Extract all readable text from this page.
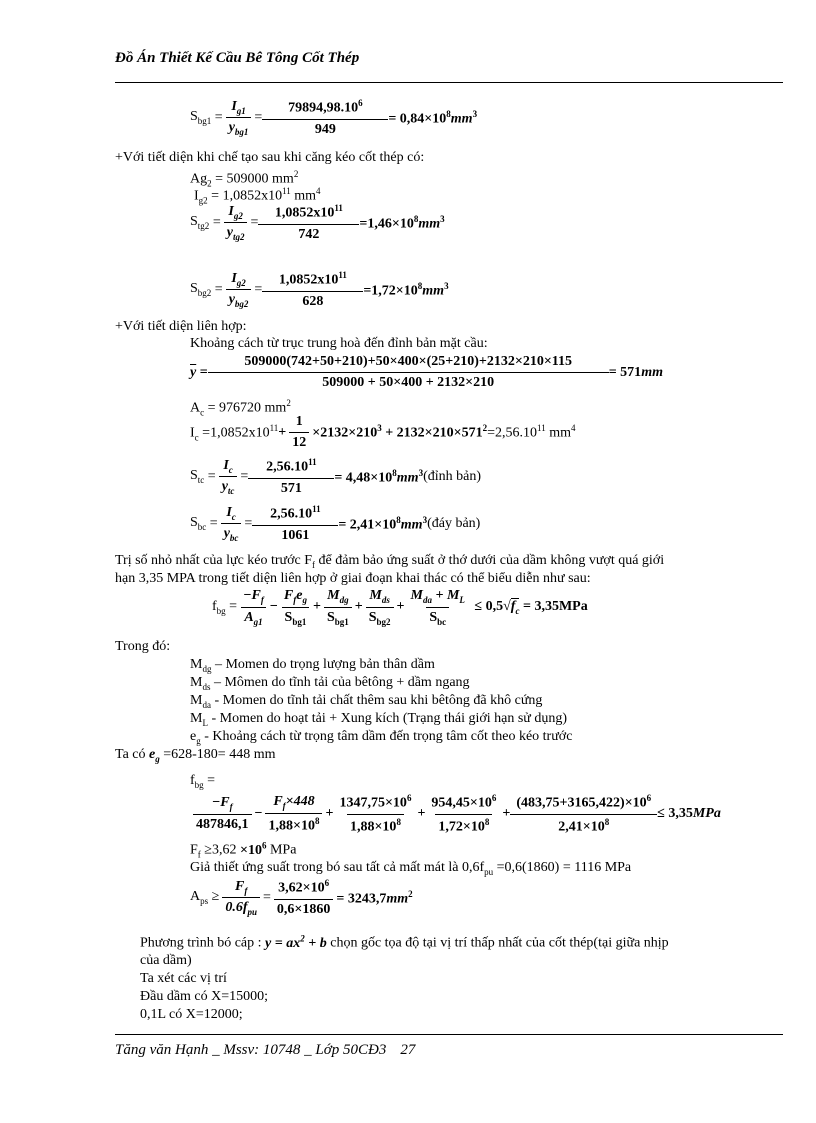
Đồ Án Thiết Kế Cầu Bê Tông Cốt Thép
$S_{bg1} = \frac{I_{g1}}{y_{bg1}} = \frac{79894,98.10^6}{949} = 0,84\times 10^8mm^3$
+Với tiết diện khi chế tạo sau khi căng kéo cốt thép có:
$Ag_2 = 509000$ $mm^2$
$I_{g2} = 1,0852x10^{11}$ $mm^4$
$S_{tg2} = \frac{I_{g2}}{y_{tg2}} = \frac{1,0852x10^{11}}{742} =1,46\times 10^8mm^3$
$S_{bg2} = \frac{I_{g2}}{y_{bg2}} = \frac{1,0852x10^{11}}{628} =1,72\times 10^8mm^3$
+Với tiết diện liên hợp:
Khoảng cách từ trục trung hoà đến đỉnh bản mặt cầu:
$\overline{y} = \frac{509000(742+50+210)+50\times 400\times(25+210)+2132\times 210\times 115}{509000 + 50\times 400 + 2132\times 210} = 571mm$
$A_c = 976720$ $mm^2$
$I_c =1,0852x10^{11} + \frac{1}{12} \times 2132\times 210^3 + 2132\times 210\times 571^2 =2,56.10^{11}$ $mm^4$
$S_{tc} = \frac{I_c}{y_{tc}} = \frac{2,56.10^{11}}{571} = 4,48\times 10^8mm^3$ (đỉnh bản)
$S_{bc} = \frac{I_c}{y_{bc}} = \frac{2,56.10^{11}}{1061} = 2,41\times 10^8mm^3$ (đáy bản)
Trị số nhỏ nhất của lực kéo trước $F_f$ để đảm bảo ứng suất ở thớ dưới của dầm không vượt quá giới
hạn 3,35 MPA trong tiết diện liên hợp ở giai đoạn khai thác có thể biểu diễn như sau:
$f_{bg} = \frac{-F_f}{A_{g1}} - \frac{F_fe_g}{S_{bg1}} + \frac{M_{dg}}{S_{bg1}} + \frac{M_{ds}}{S_{bg2}} + \frac{M_{da} + M_L}{S_{bc}} \le 0,5√f_c = 3,35MPa$
Trong đó:
$M_{dg}$ – Momen do trọng lượng bản thân dầm
$M_{ds}$ – Mômen do tĩnh tải của bêtông + dầm ngang
$M_{da}$ - Momen do tĩnh tải chất thêm sau khi bêtông đã khô cứng
$M_L$ - Momen do hoạt tải + Xung kích (Trạng thái giới hạn sử dụng)
$e_g$ - Khoảng cách từ trọng tâm dầm đến trọng tâm cốt theo kéo trước
Ta có $e_g =628-180= 448$ mm
$f_{bg}$ =
$\frac{-F_f}{487846,1} - \frac{F_f\times 448}{1,88\times 10^8} + \frac{1347,75\times 10^6}{1,88\times 10^8} + \frac{954,45\times 10^6}{1,72\times 10^8} + \frac{(483,75+3165,422)\times 10^6}{2,41\times 10^8} \le 3,35MPa$
$F_f \ge 3,62 \times 10^6$ MPa
Giả thiết ứng suất trong bó sau tất cả mất mát là $0,6f_{pu} =0,6(1860) = 1116$ MPa
$A_{ps} \ge \frac{F_f}{0.6f_{pu}} = \frac{3,62\times 10^6}{0,6\times 1860} = 3243,7mm^2$
Phương trình bó cáp : $y = ax^2 + b$ chọn gốc tọa độ tại vị trí thấp nhất của cốt thép(tại giữa nhịp
của dầm)
Ta xét các vị trí
Đầu dầm có X=15000;
0,1L có X=12000;
Tăng văn Hạnh _ Mssv: 10748 _ Lớp 50CĐ3 27
